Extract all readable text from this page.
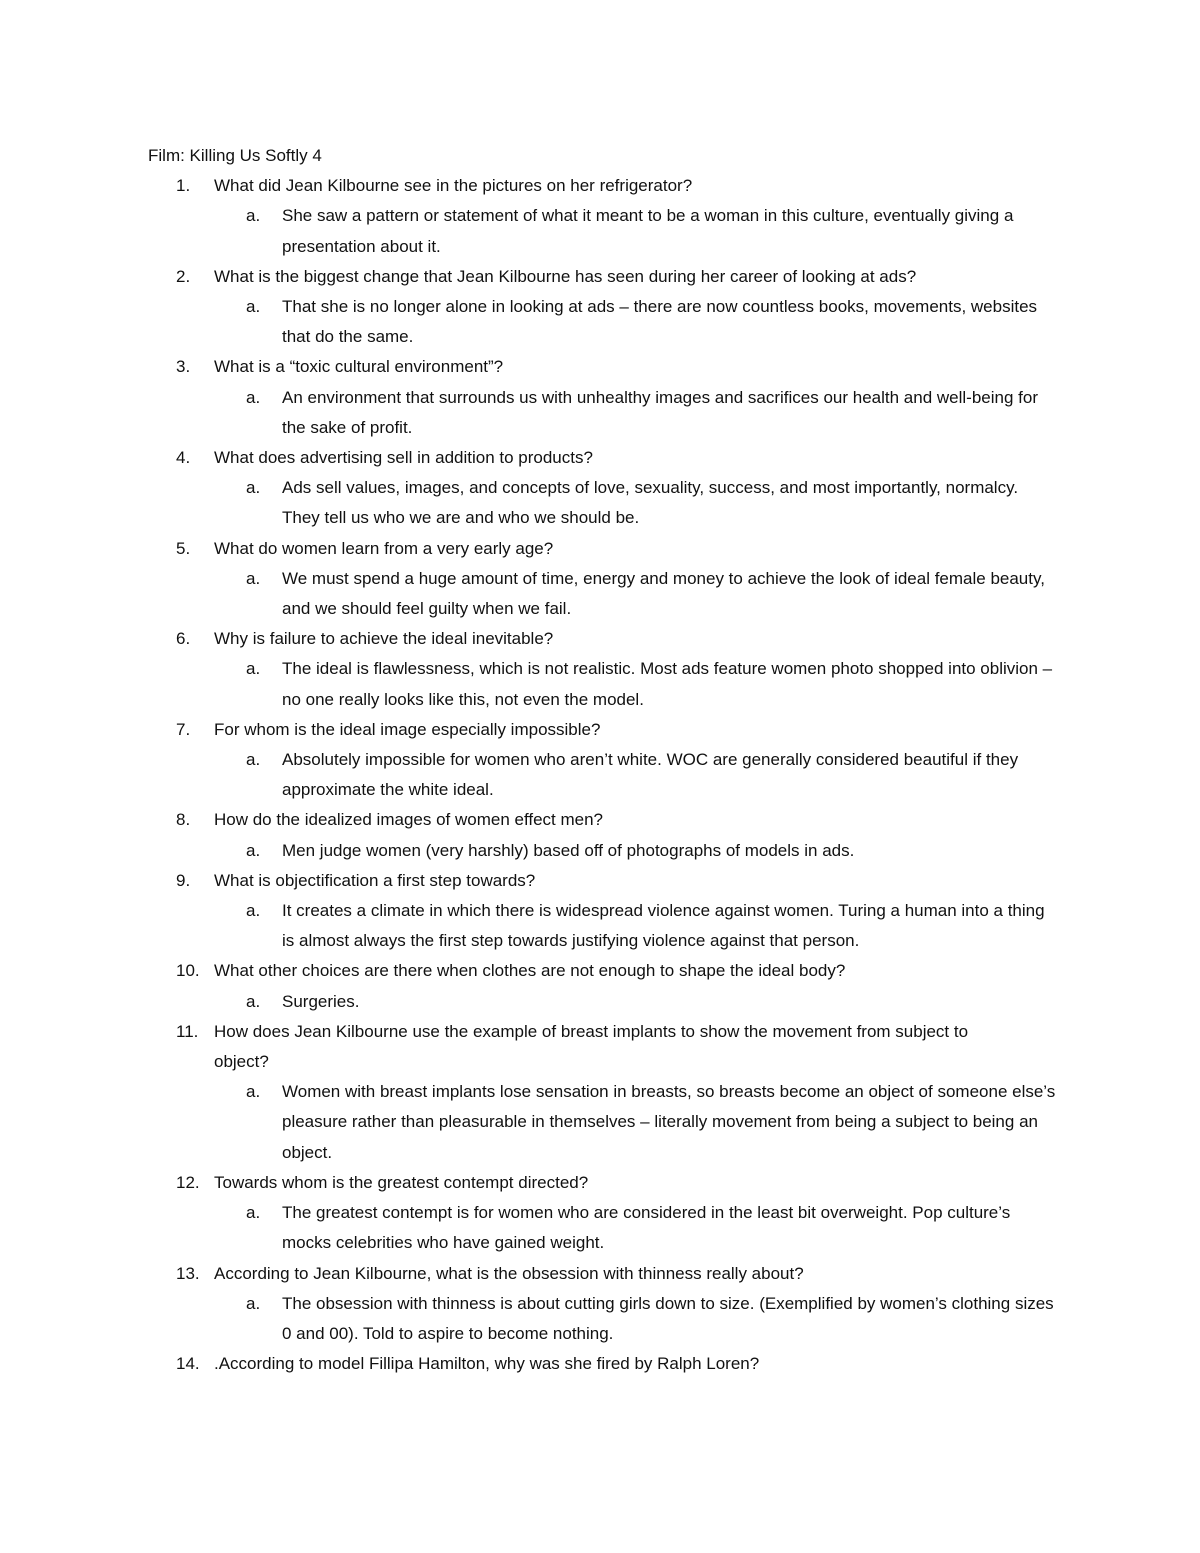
Film: Killing Us Softly 4
1.	What did Jean Kilbourne see in the pictures on her refrigerator?
a.	She saw a pattern or statement of what it meant to be a woman in this culture, eventually giving a presentation about it.
2.	What is the biggest change that Jean Kilbourne has seen during her career of looking at ads?
a.	That she is no longer alone in looking at ads – there are now countless books, movements, websites that do the same.
3.	What is a “toxic cultural environment”?
a.	An environment that surrounds us with unhealthy images and sacrifices our health and well-being for the sake of profit.
4.	What does advertising sell in addition to products?
a.	Ads sell values, images, and concepts of love, sexuality, success, and most importantly, normalcy. They tell us who we are and who we should be.
5.	What do women learn from a very early age?
a.	We must spend a huge amount of time, energy and money to achieve the look of ideal female beauty, and we should feel guilty when we fail.
6.	Why is failure to achieve the ideal inevitable?
a.	The ideal is flawlessness, which is not realistic. Most ads feature women photo shopped into oblivion – no one really looks like this, not even the model.
7.	For whom is the ideal image especially impossible?
a.	Absolutely impossible for women who aren’t white. WOC are generally considered beautiful if they approximate the white ideal.
8.	How do the idealized images of women effect men?
a.	Men judge women (very harshly) based off of photographs of models in ads.
9.	What is objectification a first step towards?
a.	It creates a climate in which there is widespread violence against women. Turing a human into a thing is almost always the first step towards justifying violence against that person.
10. What other choices are there when clothes are not enough to shape the ideal body?
a.	Surgeries.
11. How does Jean Kilbourne use the example of breast implants to show the movement from subject to object?
a.	Women with breast implants lose sensation in breasts, so breasts become an object of someone else’s pleasure rather than pleasurable in themselves – literally movement from being a subject to being an object.
12. Towards whom is the greatest contempt directed?
a.	The greatest contempt is for women who are considered in the least bit overweight. Pop culture’s mocks celebrities who have gained weight.
13. According to Jean Kilbourne, what is the obsession with thinness really about?
a.	The obsession with thinness is about cutting girls down to size. (Exemplified by women’s clothing sizes 0 and 00). Told to aspire to become nothing.
14. .According to model Fillipa Hamilton, why was she fired by Ralph Loren?
